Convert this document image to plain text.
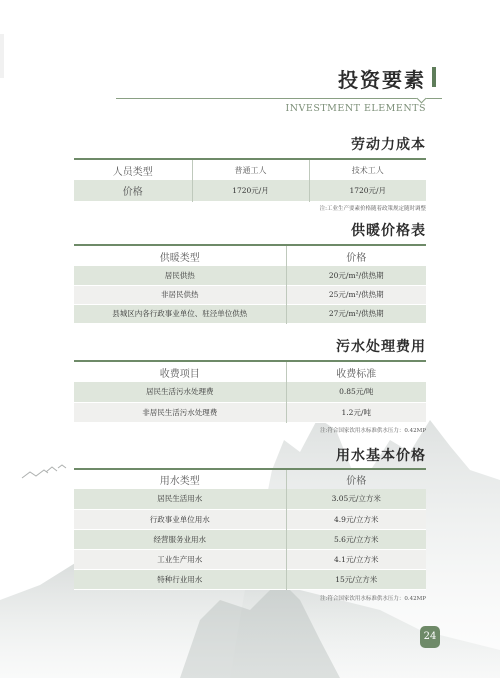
投资要素
INVESTMENT ELEMENTS
劳动力成本
人员类型	普通工人	技术工人
价格	1720元/月	1720元/月
注:工业生产要素价格随着政策规定随时调整
供暖价格表
供暖类型	价格
居民供热	20元/m²/供热期
非居民供热	25元/m²/供热期
县城区内各行政事业单位、驻泾单位供热	27元/m²/供热期
污水处理费用
收费项目	收费标准
居民生活污水处理费	0.85元/吨
非居民生活污水处理费	1.2元/吨
注:符合国家饮用水标准供水压力：0.42MP
用水基本价格
用水类型	价格
居民生活用水	3.05元/立方米
行政事业单位用水	4.9元/立方米
经营服务业用水	5.6元/立方米
工业生产用水	4.1元/立方米
特种行业用水	15元/立方米
注:符合国家饮用水标准供水压力：0.42MP
24
